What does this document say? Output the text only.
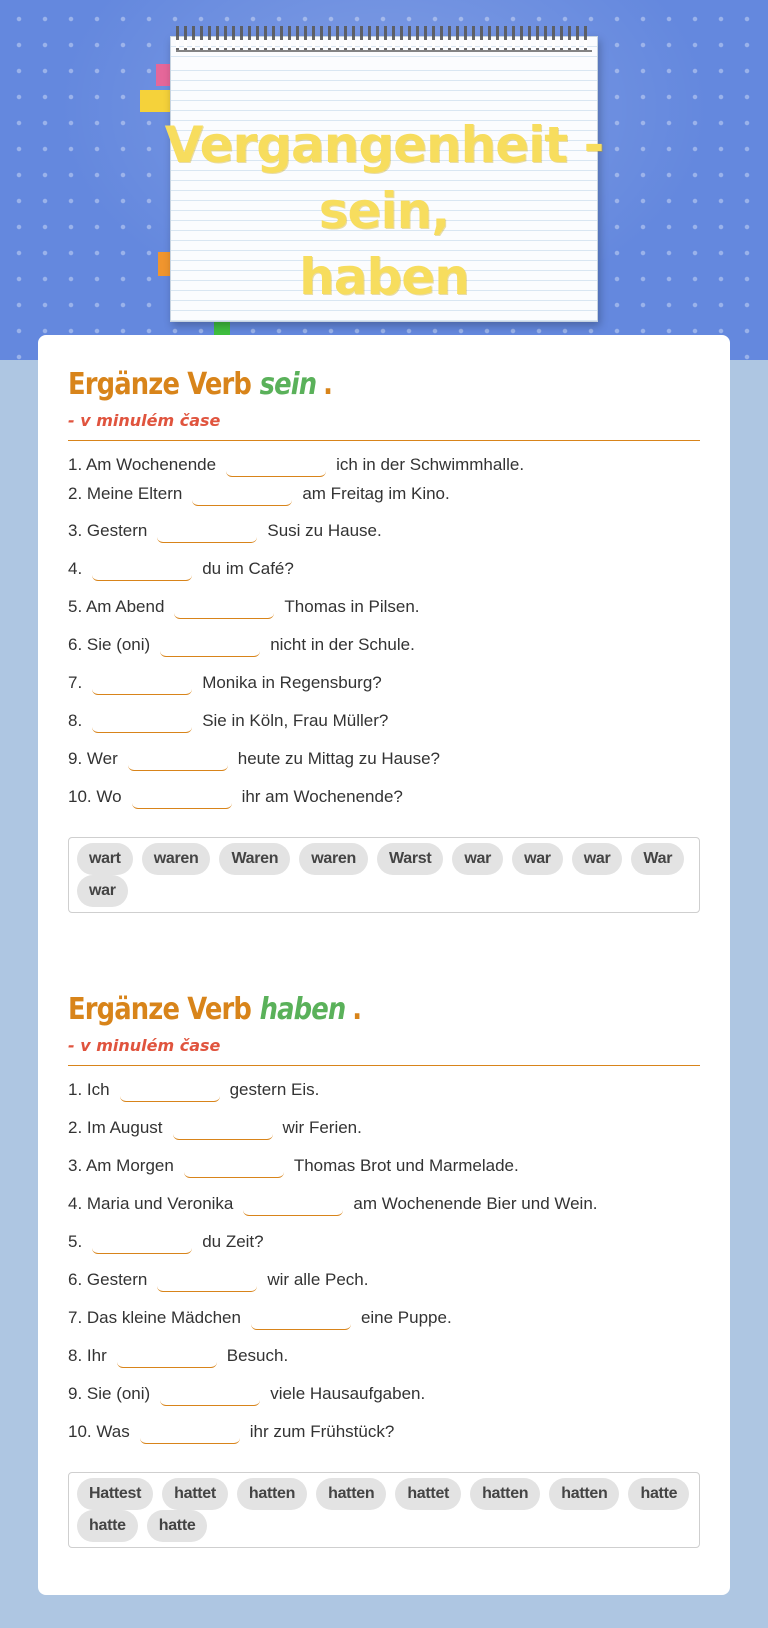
Vergangenheit - sein,
haben
Ergänze Verb sein .
- v minulém čase
1. Am Wochenende	ich in der Schwimmhalle.
2. Meine Eltern	am Freitag im Kino.
3. Gestern	Susi zu Hause.
4.	du im Café?
5. Am Abend	Thomas in Pilsen.
6. Sie (oni)	nicht in der Schule.
7.	Monika in Regensburg?
8.	Sie in Köln, Frau Müller?
9. Wer	heute zu Mittag zu Hause?
10. Wo	ihr am Wochenende?
wart	waren	Waren	waren	Warst	war	war	war	War
war
Ergänze Verb haben .
- v minulém čase
1. Ich	gestern Eis.
2. Im August	wir Ferien.
3. Am Morgen	Thomas Brot und Marmelade.
4. Maria und Veronika	am Wochenende Bier und Wein.
5.	du Zeit?
6. Gestern	wir alle Pech.
7. Das kleine Mädchen	eine Puppe.
8. Ihr	Besuch.
9. Sie (oni)	viele Hausaufgaben.
10. Was	ihr zum Frühstück?
Hattest	hattet	hatten	hatten	hattet	hatten	hatten	hatte
hatte	hatte
